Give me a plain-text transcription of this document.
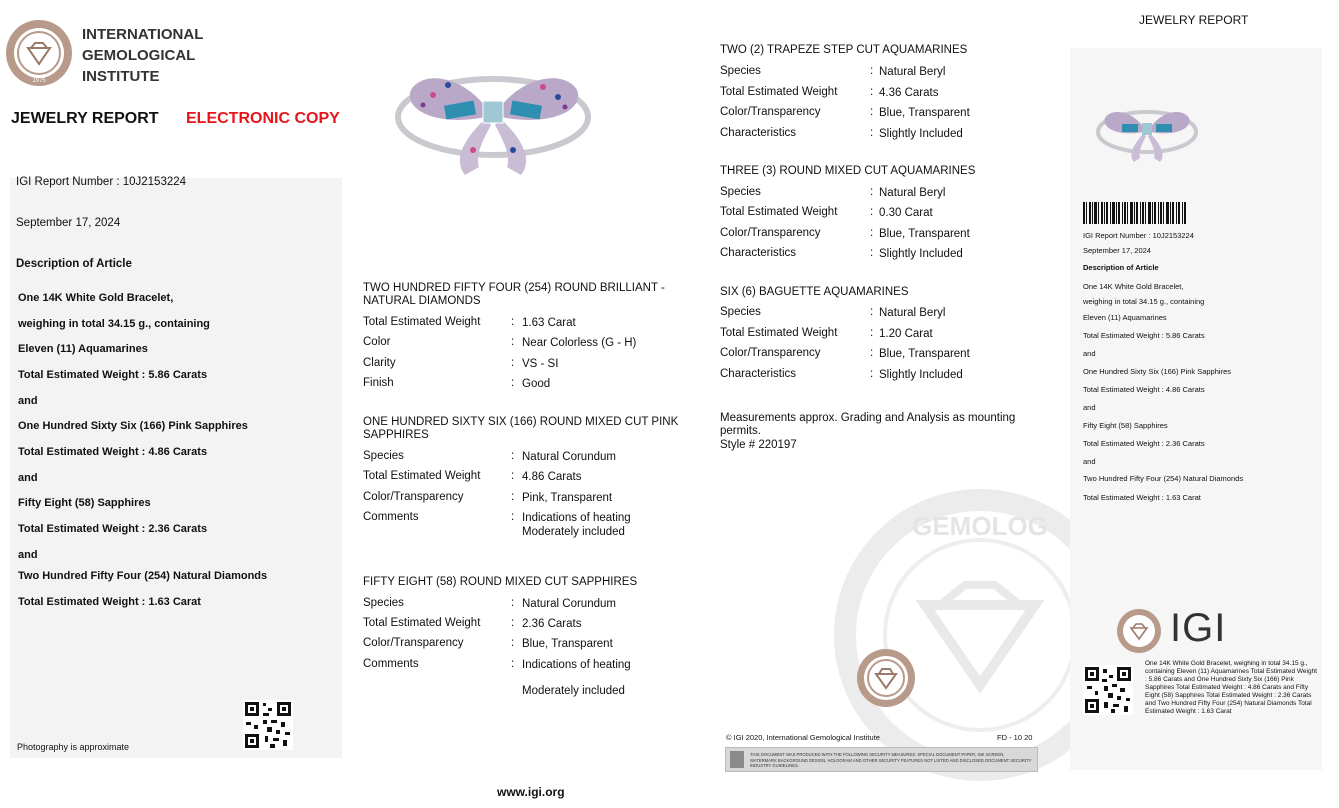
GEMOLOG
1975
INTERNATIONAL
GEMOLOGICAL
INSTITUTE
JEWELRY REPORT ELECTRONIC COPY
JEWELRY REPORT
IGI Report Number : 10J2153224
September 17, 2024
Description of Article
One 14K White Gold Bracelet,
weighing in total 34.15 g., containing
Eleven (11) Aquamarines
Total Estimated Weight : 5.86 Carats
and
One Hundred Sixty Six (166) Pink Sapphires
Total Estimated Weight : 4.86 Carats
and
Fifty Eight (58) Sapphires
Total Estimated Weight : 2.36 Carats
and
Two Hundred Fifty Four (254) Natural Diamonds
Total Estimated Weight : 1.63 Carat
Photography is approximate
TWO HUNDRED FIFTY FOUR (254) ROUND BRILLIANT - NATURAL DIAMONDS
Total Estimated Weight	: 1.63 Carat
Color	: Near Colorless (G - H)
Clarity	: VS - SI
Finish	: Good
ONE HUNDRED SIXTY SIX (166) ROUND MIXED CUT PINK SAPPHIRES
Species	: Natural Corundum
Total Estimated Weight	: 4.86 Carats
Color/Transparency	: Pink, Transparent
Comments	: Indications of heating
Moderately included
FIFTY EIGHT (58) ROUND MIXED CUT SAPPHIRES
Species	: Natural Corundum
Total Estimated Weight	: 2.36 Carats
Color/Transparency	: Blue, Transparent
Comments	: Indications of heating
Moderately included
www.igi.org
TWO (2) TRAPEZE STEP CUT AQUAMARINES
Species	: Natural Beryl
Total Estimated Weight	: 4.36 Carats
Color/Transparency	: Blue, Transparent
Characteristics	: Slightly Included
THREE (3) ROUND MIXED CUT AQUAMARINES
Species	: Natural Beryl
Total Estimated Weight	: 0.30 Carat
Color/Transparency	: Blue, Transparent
Characteristics	: Slightly Included
SIX (6) BAGUETTE AQUAMARINES
Species	: Natural Beryl
Total Estimated Weight	: 1.20 Carat
Color/Transparency	: Blue, Transparent
Characteristics	: Slightly Included
Measurements approx. Grading and Analysis as mounting permits.
Style # 220197
© IGI 2020, International Gemological Institute	FD - 10 20
THIS DOCUMENT WAS PRODUCED WITH THE FOLLOWING SECURITY MEASURES: SPECIAL DOCUMENT PAPER, INK SCREEN, WATERMARK BACKGROUND DESIGN, HOLOGRAM AND OTHER SECURITY FEATURES NOT LISTED AND DISCLOSED DOCUMENT SECURITY INDUSTRY GUIDELINES.
IGI Report Number : 10J2153224
September 17, 2024
Description of Article
One 14K White Gold Bracelet,
weighing in total 34.15 g., containing
Eleven (11) Aquamarines
Total Estimated Weight : 5.86 Carats
and
One Hundred Sixty Six (166) Pink Sapphires
Total Estimated Weight : 4.86 Carats
and
Fifty Eight (58) Sapphires
Total Estimated Weight : 2.36 Carats
and
Two Hundred Fifty Four (254) Natural Diamonds
Total Estimated Weight : 1.63 Carat
IGI
One 14K White Gold Bracelet, weighing in total 34.15 g., containing Eleven (11) Aquamarines Total Estimated Weight : 5.86 Carats and One Hundred Sixty Six (166) Pink Sapphires Total Estimated Weight : 4.86 Carats and Fifty Eight (58) Sapphires Total Estimated Weight : 2.36 Carats and Two Hundred Fifty Four (254) Natural Diamonds Total Estimated Weight : 1.63 Carat
